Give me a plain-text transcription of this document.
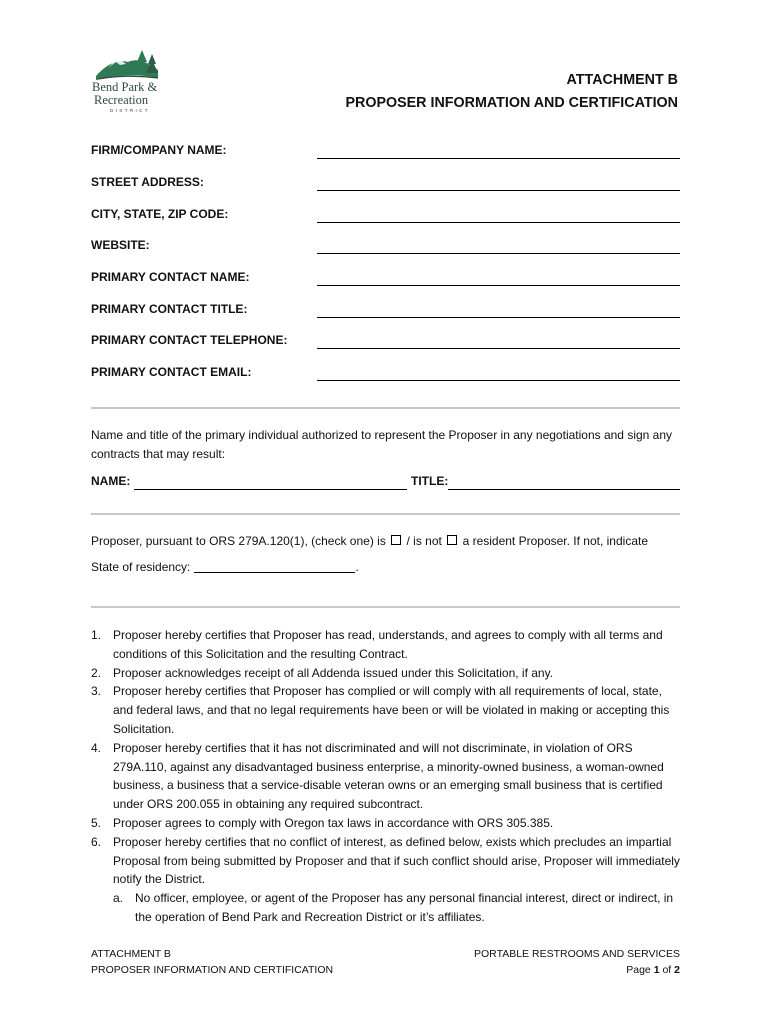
Bend Park &
Recreation
DISTRICT
ATTACHMENT B
PROPOSER INFORMATION AND CERTIFICATION
FIRM/COMPANY NAME:
STREET ADDRESS:
CITY, STATE, ZIP CODE:
WEBSITE:
PRIMARY CONTACT NAME:
PRIMARY CONTACT TITLE:
PRIMARY CONTACT TELEPHONE:
PRIMARY CONTACT EMAIL:
Name and title of the primary individual authorized to represent the Proposer in any negotiations and sign any contracts that may result:
NAME:	TITLE:
Proposer, pursuant to ORS 279A.120(1), (check one) is / is not a resident Proposer. If not, indicate
State of residency:	.
1. Proposer hereby certifies that Proposer has read, understands, and agrees to comply with all terms and conditions of this Solicitation and the resulting Contract.
2. Proposer acknowledges receipt of all Addenda issued under this Solicitation, if any.
3. Proposer hereby certifies that Proposer has complied or will comply with all requirements of local, state, and federal laws, and that no legal requirements have been or will be violated in making or accepting this Solicitation.
4. Proposer hereby certifies that it has not discriminated and will not discriminate, in violation of ORS 279A.110, against any disadvantaged business enterprise, a minority-owned business, a woman-owned business, a business that a service-disable veteran owns or an emerging small business that is certified under ORS 200.055 in obtaining any required subcontract.
5. Proposer agrees to comply with Oregon tax laws in accordance with ORS 305.385.
6. Proposer hereby certifies that no conflict of interest, as defined below, exists which precludes an impartial Proposal from being submitted by Proposer and that if such conflict should arise, Proposer will immediately notify the District.
a. No officer, employee, or agent of the Proposer has any personal financial interest, direct or indirect, in the operation of Bend Park and Recreation District or it’s affiliates.
ATTACHMENT B
PROPOSER INFORMATION AND CERTIFICATION
PORTABLE RESTROOMS AND SERVICES
Page 1 of 2
